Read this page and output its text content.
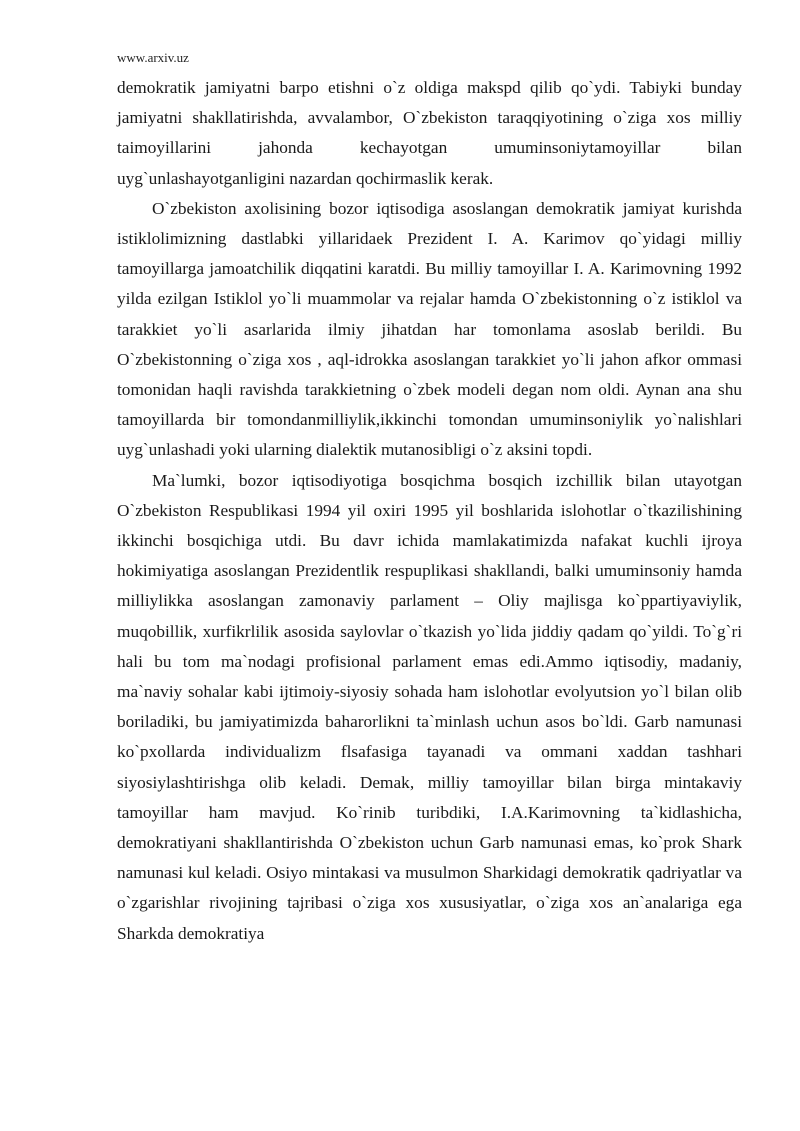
www.arxiv.uz

demokratik jamiyatni barpo etishni o`z oldiga makspd qilib qo`ydi. Tabiyki bunday jamiyatni shakllatirishda, avvalambor, O`zbekiston taraqqiyotining o`ziga xos milliy taimoyillarini jahonda kechayotgan umuminsoniytamoyillar bilan uyg`unlashayotganligini nazardan qochirmaslik kerak.

O`zbekiston axolisining bozor iqtisodiga asoslangan demokratik jamiyat kurishda istiklolimizning dastlabki yillaridaek Prezident I. A. Karimov qo`yidagi milliy tamoyillarga jamoatchilik diqqatini karatdi. Bu milliy tamoyillar I. A. Karimovning 1992 yilda ezilgan Istiklol yo`li muammolar va rejalar hamda O`zbekistonning o`z istiklol va tarakkiet yo`li asarlarida ilmiy jihatdan har tomonlama asoslab berildi. Bu O`zbekistonning o`ziga xos , aql-idrokka asoslangan tarakkiet yo`li jahon afkor ommasi tomonidan haqli ravishda tarakkietning o`zbek modeli degan nom oldi. Aynan ana shu tamoyillarda bir tomondanmilliylik,ikkinchi tomondan umuminsoniylik yo`nalishlari uyg`unlashadi yoki ularning dialektik mutanosibligi o`z aksini topdi.

Ma`lumki, bozor iqtisodiyotiga bosqichma bosqich izchillik bilan utayotgan O`zbekiston Respublikasi 1994 yil oxiri 1995 yil boshlarida islohotlar o`tkazilishining ikkinchi bosqichiga utdi. Bu davr ichida mamlakatimizda nafakat kuchli ijroya hokimiyatiga asoslangan Prezidentlik respuplikasi shakllandi, balki umuminsoniy hamda milliylikka asoslangan zamonaviy parlament – Oliy majlisga ko`ppartiyaviylik, muqobillik, xurfikrlilik asosida saylovlar o`tkazish yo`lida jiddiy qadam qo`yildi. To`g`ri hali bu tom ma`nodagi profisional parlament emas edi.Ammo iqtisodiy, madaniy, ma`naviy sohalar kabi ijtimoiy-siyosiy sohada ham islohotlar evolyutsion yo`l bilan olib boriladiki, bu jamiyatimizda baharorlikni ta`minlash uchun asos bo`ldi. Garb namunasi ko`pxollarda individualizm flsafasiga tayanadi va ommani xaddan tashhari siyosiylashtirishga olib keladi. Demak, milliy tamoyillar bilan birga mintakaviy tamoyillar ham mavjud. Ko`rinib turibdiki, I.A.Karimovning ta`kidlashicha, demokratiyani shakllantirishda O`zbekiston uchun Garb namunasi emas, ko`prok Shark namunasi kul keladi. Osiyo mintakasi va musulmon Sharkidagi demokratik qadriyatlar va o`zgarishlar rivojining tajribasi o`ziga xos xususiyatlar, o`ziga xos an`analariga ega Sharkda demokratiya
